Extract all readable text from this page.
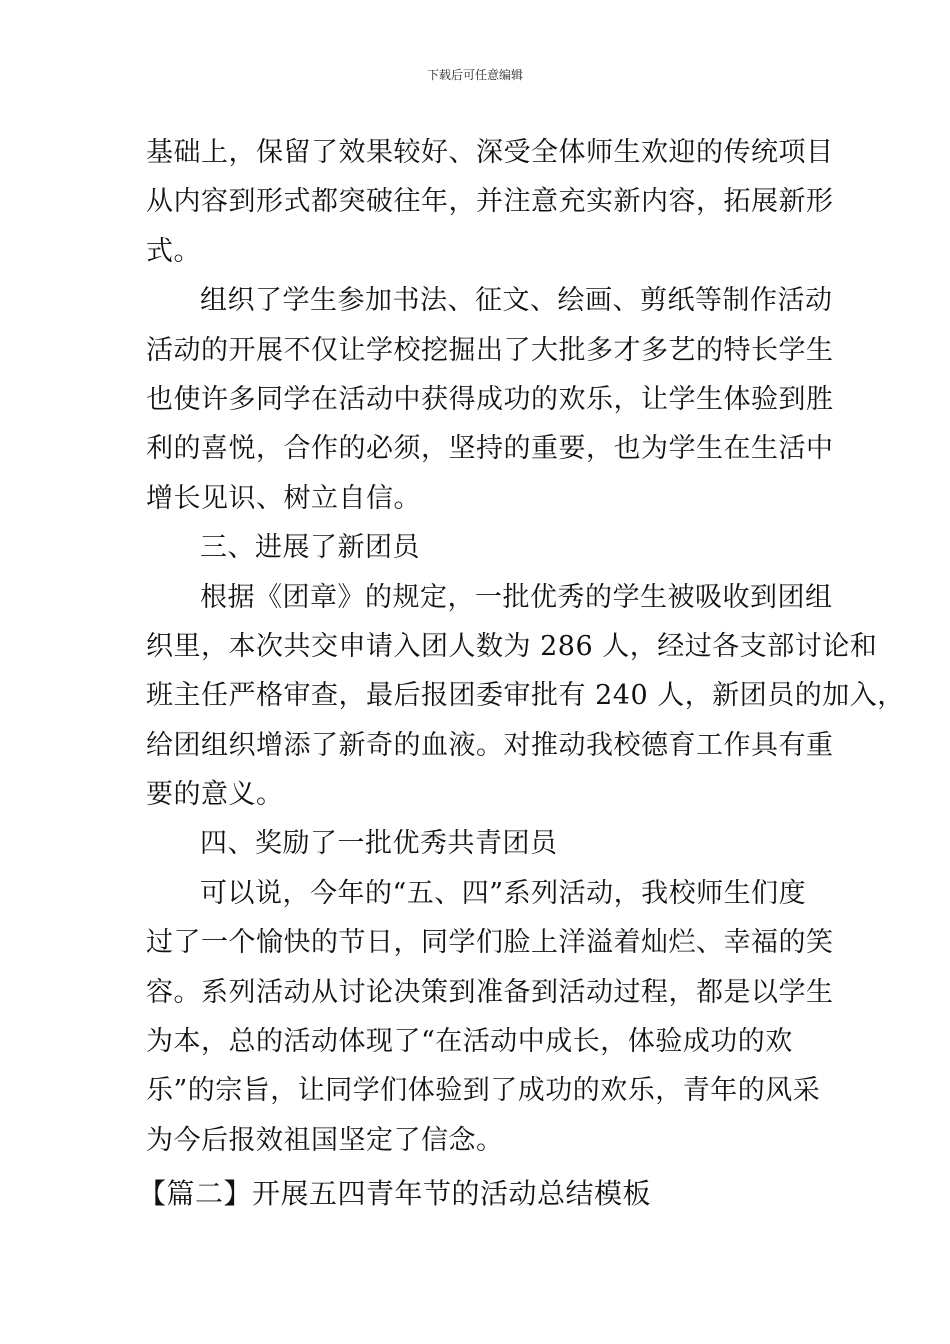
下载后可任意编辑
基础上，保留了效果较好、深受全体师生欢迎的传统项目
从内容到形式都突破往年，并注意充实新内容，拓展新形
式。
组织了学生参加书法、征文、绘画、剪纸等制作活动
活动的开展不仅让学校挖掘出了大批多才多艺的特长学生
也使许多同学在活动中获得成功的欢乐，让学生体验到胜
利的喜悦，合作的必须，坚持的重要，也为学生在生活中
增长见识、树立自信。
三、进展了新团员
根据《团章》的规定，一批优秀的学生被吸收到团组
织里，本次共交申请入团人数为 286 人，经过各支部讨论和
班主任严格审查，最后报团委审批有 240 人，新团员的加入，
给团组织增添了新奇的血液。对推动我校德育工作具有重
要的意义。
四、奖励了一批优秀共青团员
可以说，今年的“五、四”系列活动，我校师生们度
过了一个愉快的节日，同学们脸上洋溢着灿烂、幸福的笑
容。系列活动从讨论决策到准备到活动过程，都是以学生
为本，总的活动体现了“在活动中成长，体验成功的欢
乐”的宗旨，让同学们体验到了成功的欢乐，青年的风采
为今后报效祖国坚定了信念。
【篇二】开展五四青年节的活动总结模板
